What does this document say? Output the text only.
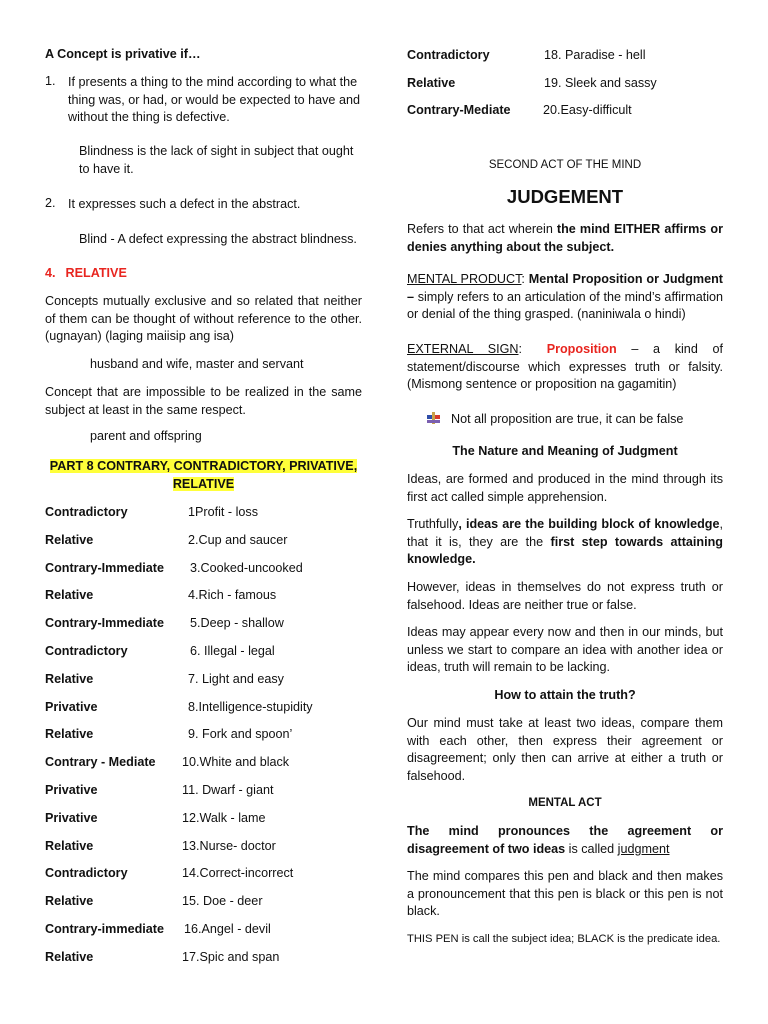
A Concept is privative if…

1. If presents a thing to the mind according to what the thing was, or had, or would be expected to have and without the thing is defective.

Blindness is the lack of sight in subject that ought to have it.

2. It expresses such a defect in the abstract.

Blind - A defect expressing the abstract blindness.

4. RELATIVE

Concepts mutually exclusive and so related that neither of them can be thought of without reference to the other. (ugnayan) (laging maiisip ang isa)

husband and wife, master and servant

Concept that are impossible to be realized in the same subject at least in the same respect.

parent and offspring

PART 8 CONTRARY, CONTRADICTORY, PRIVATIVE,
RELATIVE
Contradictory	1Profit - loss
Relative	2.Cup and saucer
Contrary-Immediate 3.Cooked-uncooked
Relative	4.Rich - famous
Contrary-Immediate 5.Deep - shallow
Contradictory	6. Illegal - legal
Relative	7. Light and easy
Privative	8.Intelligence-stupidity
Relative	9. Fork and spoon’
Contrary - Mediate 10.White and black
Privative	11. Dwarf - giant
Privative	12.Walk - lame
Relative	13.Nurse- doctor
Contradictory	14.Correct-incorrect
Relative	15. Doe - deer
Contrary-immediate 16.Angel - devil
Relative	17.Spic and span
Contradictory	18. Paradise - hell
Relative	19. Sleek and sassy
Contrary-Mediate	20.Easy-difficult

SECOND ACT OF THE MIND

JUDGEMENT

Refers to that act wherein the mind EITHER affirms or denies anything about the subject.

MENTAL PRODUCT: Mental Proposition or Judgment – simply refers to an articulation of the mind’s affirmation or denial of the thing grasped. (naniniwala o hindi)

EXTERNAL SIGN: Proposition – a kind of statement/discourse which expresses truth or falsity. (Mismong sentence or proposition na gagamitin)

Not all proposition are true, it can be false

The Nature and Meaning of Judgment

Ideas, are formed and produced in the mind through its first act called simple apprehension.

Truthfully, ideas are the building block of knowledge, that it is, they are the first step towards attaining knowledge.

However, ideas in themselves do not express truth or falsehood. Ideas are neither true or false.

Ideas may appear every now and then in our minds, but unless we start to compare an idea with another idea or ideas, truth will remain to be lacking.

How to attain the truth?

Our mind must take at least two ideas, compare them with each other, then express their agreement or disagreement; only then can arrive at either a truth or falsehood.

MENTAL ACT

The mind pronounces the agreement or disagreement of two ideas is called judgment

The mind compares this pen and black and then makes a pronouncement that this pen is black or this pen is not black.

THIS PEN is call the subject idea; BLACK is the predicate idea.
